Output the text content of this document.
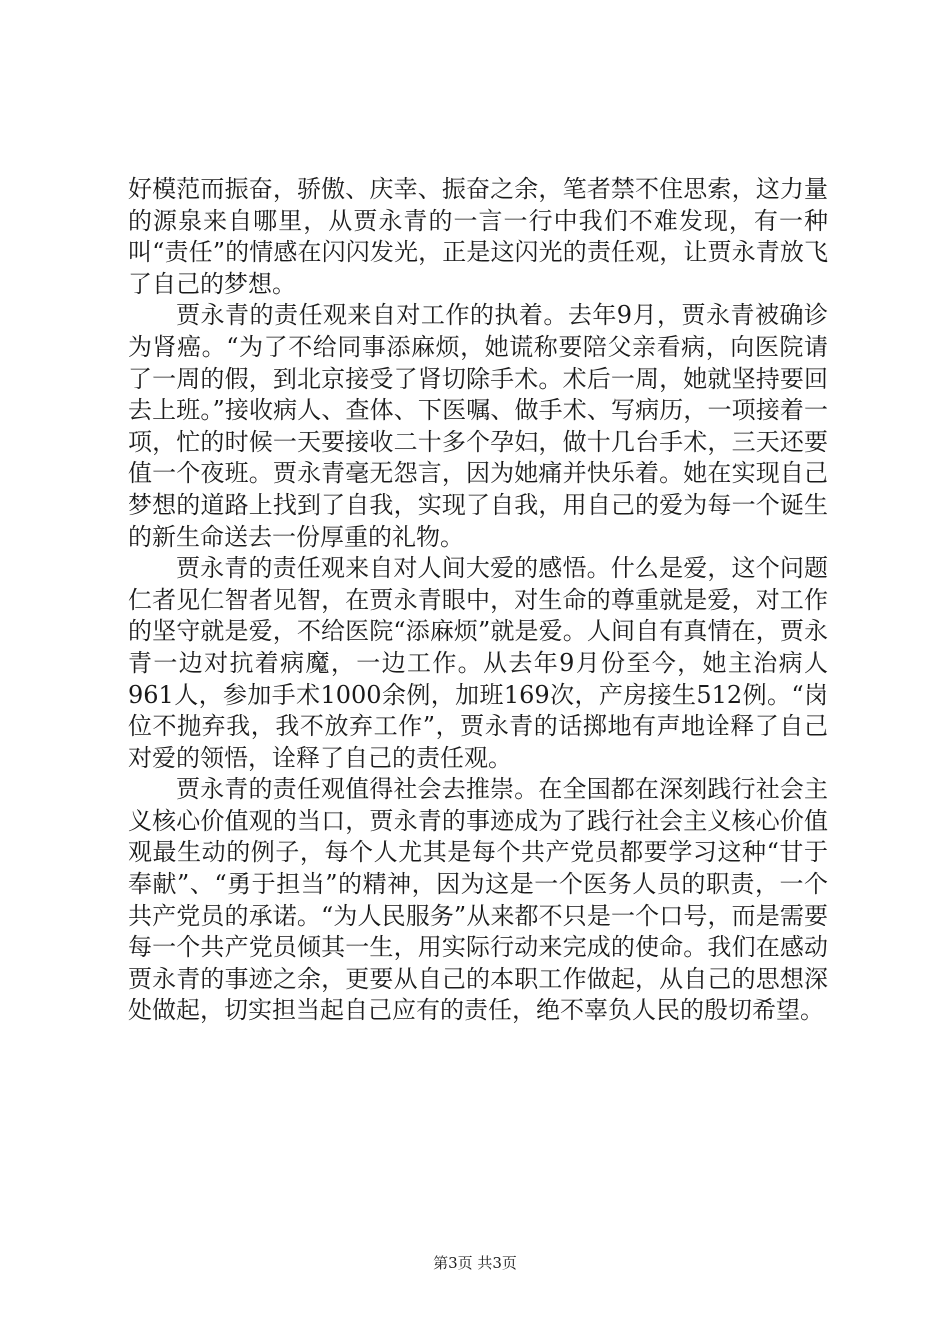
好模范而振奋，骄傲、庆幸、振奋之余，笔者禁不住思索，这力量的源泉来自哪里，从贾永青的一言一行中我们不难发现，有一种叫“责任”的情感在闪闪发光，正是这闪光的责任观，让贾永青放飞了自己的梦想。

贾永青的责任观来自对工作的执着。去年9月，贾永青被确诊为肾癌。“为了不给同事添麻烦，她谎称要陪父亲看病，向医院请了一周的假，到北京接受了肾切除手术。术后一周，她就坚持要回去上班。”接收病人、查体、下医嘱、做手术、写病历，一项接着一项，忙的时候一天要接收二十多个孕妇，做十几台手术，三天还要值一个夜班。贾永青毫无怨言，因为她痛并快乐着。她在实现自己梦想的道路上找到了自我，实现了自我，用自己的爱为每一个诞生的新生命送去一份厚重的礼物。

贾永青的责任观来自对人间大爱的感悟。什么是爱，这个问题仁者见仁智者见智，在贾永青眼中，对生命的尊重就是爱，对工作的坚守就是爱，不给医院“添麻烦”就是爱。人间自有真情在，贾永青一边对抗着病魔，一边工作。从去年9月份至今，她主治病人961人，参加手术1000余例，加班169次，产房接生512例。“岗位不抛弃我，我不放弃工作”，贾永青的话掷地有声地诠释了自己对爱的领悟，诠释了自己的责任观。

贾永青的责任观值得社会去推崇。在全国都在深刻践行社会主义核心价值观的当口，贾永青的事迹成为了践行社会主义核心价值观最生动的例子，每个人尤其是每个共产党员都要学习这种“甘于奉献”、“勇于担当”的精神，因为这是一个医务人员的职责，一个共产党员的承诺。“为人民服务”从来都不只是一个口号，而是需要每一个共产党员倾其一生，用实际行动来完成的使命。我们在感动贾永青的事迹之余，更要从自己的本职工作做起，从自己的思想深处做起，切实担当起自己应有的责任，绝不辜负人民的殷切希望。

第3页 共3页
